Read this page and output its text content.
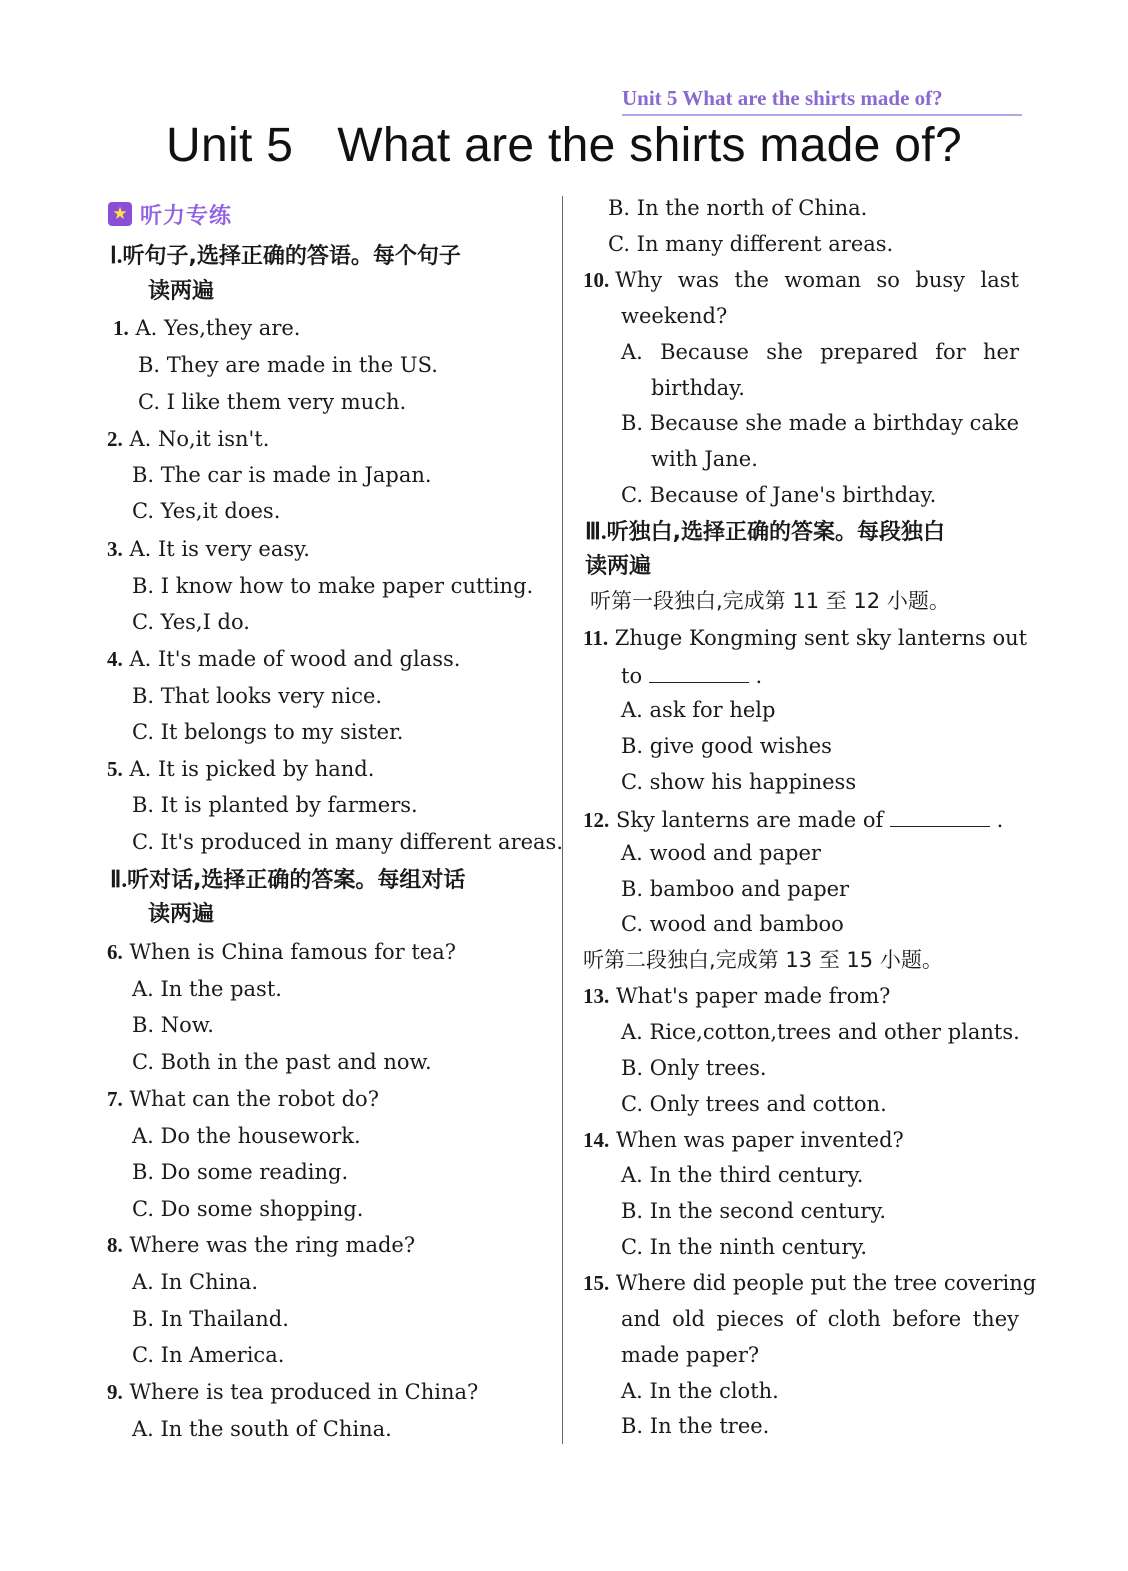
Unit 5 What are the shirts made of?
Unit 5 What are the shirts made of?
★ 听力专练
Ⅰ.听句子,选择正确的答语。每个句子
读两遍
1. A. Yes,they are.
B. They are made in the US.
C. I like them very much.
2. A. No,it isn't.
B. The car is made in Japan.
C. Yes,it does.
3. A. It is very easy.
B. I know how to make paper cutting.
C. Yes,I do.
4. A. It's made of wood and glass.
B. That looks very nice.
C. It belongs to my sister.
5. A. It is picked by hand.
B. It is planted by farmers.
C. It's produced in many different areas.
Ⅱ.听对话,选择正确的答案。每组对话
读两遍
6. When is China famous for tea?
A. In the past.
B. Now.
C. Both in the past and now.
7. What can the robot do?
A. Do the housework.
B. Do some reading.
C. Do some shopping.
8. Where was the ring made?
A. In China.
B. In Thailand.
C. In America.
9. Where is tea produced in China?
A. In the south of China.
B. In the north of China.
C. In many different areas.
10. Why was the woman so busy last
weekend?
A. Because she prepared for her
birthday.
B. Because she made a birthday cake
with Jane.
C. Because of Jane's birthday.
Ⅲ.听独白,选择正确的答案。每段独白
读两遍
听第一段独白,完成第 11 至 12 小题。
11. Zhuge Kongming sent sky lanterns out
to	.
A. ask for help
B. give good wishes
C. show his happiness
12. Sky lanterns are made of	.
A. wood and paper
B. bamboo and paper
C. wood and bamboo
听第二段独白,完成第 13 至 15 小题。
13. What's paper made from?
A. Rice,cotton,trees and other plants.
B. Only trees.
C. Only trees and cotton.
14. When was paper invented?
A. In the third century.
B. In the second century.
C. In the ninth century.
15. Where did people put the tree covering
and old pieces of cloth before they
made paper?
A. In the cloth.
B. In the tree.
